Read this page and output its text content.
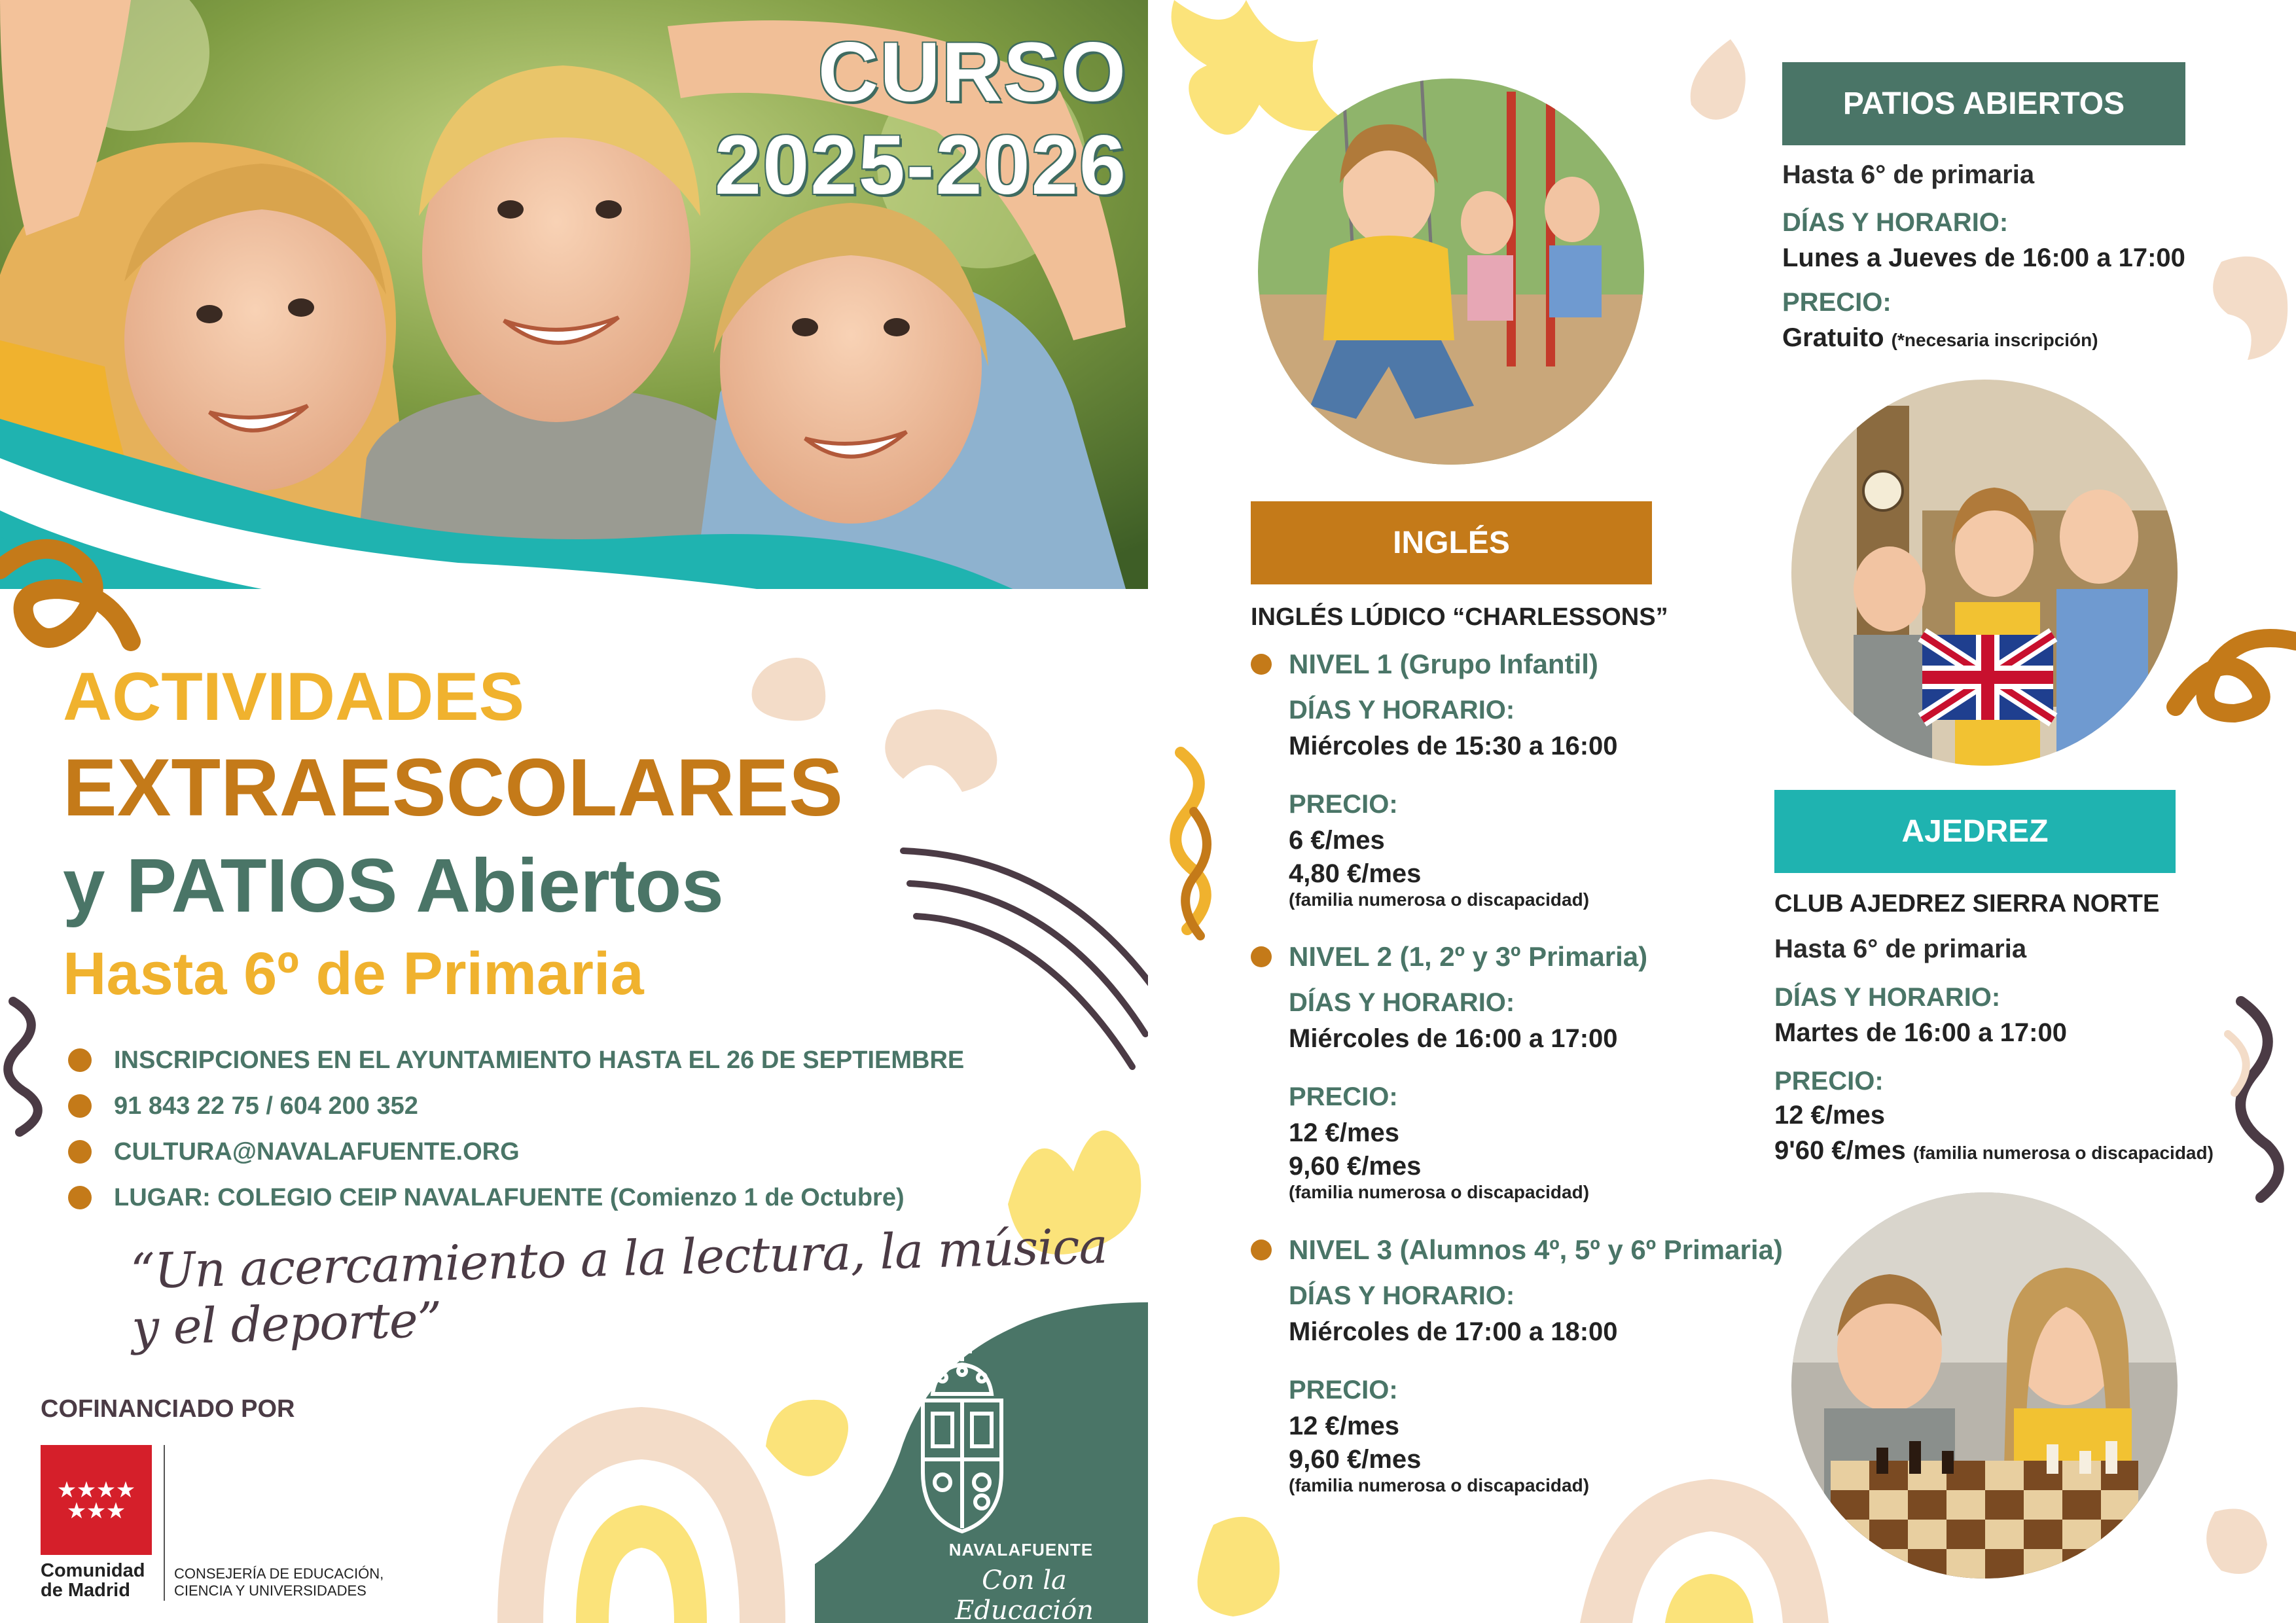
CURSO
2025-2026
ACTIVIDADES
EXTRAESCOLARES
y PATIOS Abiertos
Hasta 6º de Primaria
INSCRIPCIONES EN EL AYUNTAMIENTO HASTA EL 26 DE SEPTIEMBRE
91 843 22 75 / 604 200 352
CULTURA@NAVALAFUENTE.ORG
LUGAR: COLEGIO CEIP NAVALAFUENTE (Comienzo 1 de Octubre)
“Un acercamiento a la lectura, la música y el deporte”
COFINANCIADO POR
★ ★ ★ ★
★ ★ ★
Comunidad
de Madrid
CONSEJERÍA DE EDUCACIÓN,
CIENCIA Y UNIVERSIDADES
NAVALAFUENTE
Con la Educación
PATIOS ABIERTOS
Hasta 6° de primaria
DÍAS Y HORARIO:
Lunes a Jueves de 16:00 a 17:00
PRECIO:
Gratuito (*necesaria inscripción)
INGLÉS
INGLÉS LÚDICO “CHARLESSONS”
NIVEL 1 (Grupo Infantil)
DÍAS Y HORARIO:
Miércoles de 15:30 a 16:00
PRECIO:
6 €/mes
4,80 €/mes
(familia numerosa o discapacidad)
NIVEL 2 (1, 2º y 3º Primaria)
DÍAS Y HORARIO:
Miércoles de 16:00 a 17:00
PRECIO:
12 €/mes
9,60 €/mes
(familia numerosa o discapacidad)
NIVEL 3 (Alumnos 4º, 5º y 6º Primaria)
DÍAS Y HORARIO:
Miércoles de 17:00 a 18:00
PRECIO:
12 €/mes
9,60 €/mes
(familia numerosa o discapacidad)
AJEDREZ
CLUB AJEDREZ SIERRA NORTE
Hasta 6° de primaria
DÍAS Y HORARIO:
Martes de 16:00 a 17:00
PRECIO:
12 €/mes
9'60 €/mes (familia numerosa o discapacidad)
